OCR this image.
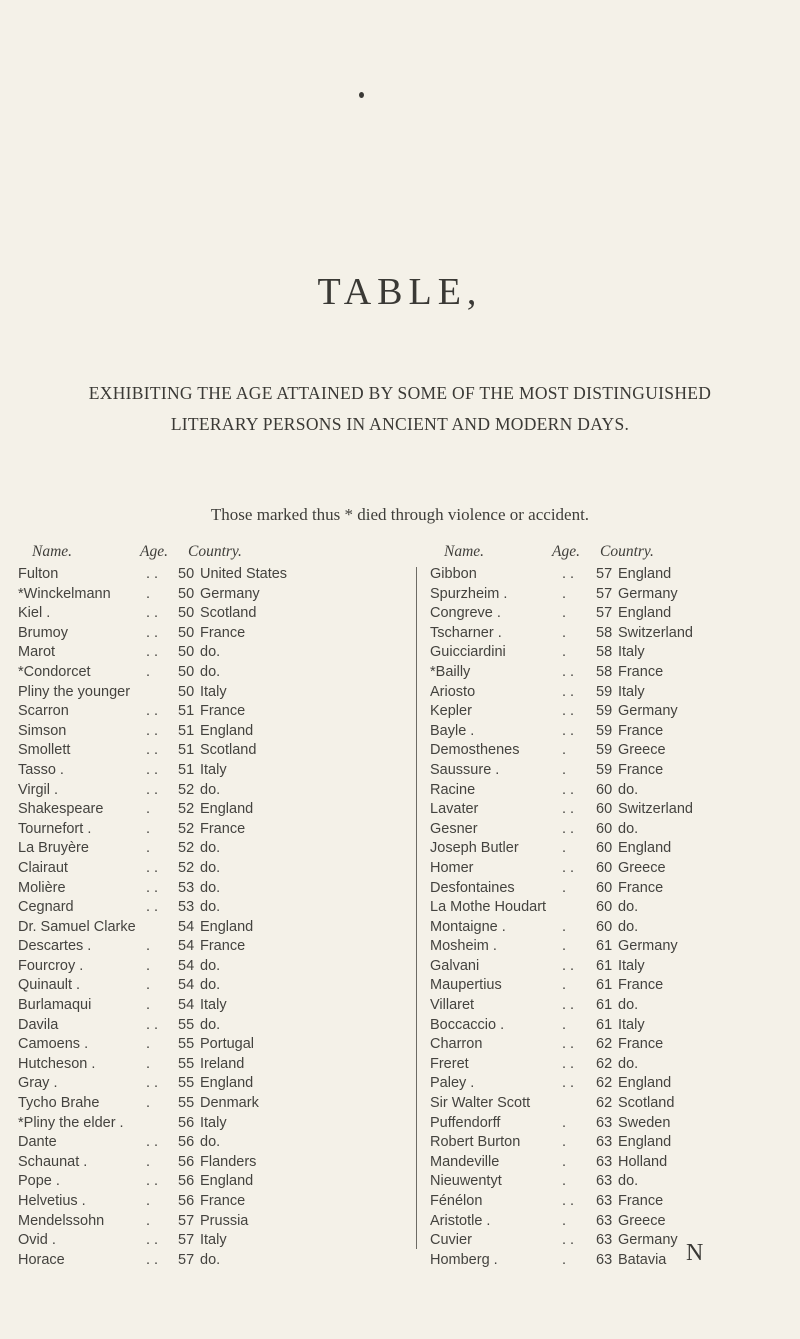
TABLE,
EXHIBITING THE AGE ATTAINED BY SOME OF THE MOST DISTINGUISHED LITERARY PERSONS IN ANCIENT AND MODERN DAYS.
Those marked thus * died through violence or accident.
Name.	Age. Country.
Fulton	. . 50 United States
*Winckelmann . 50 Germany
Kiel .	. . 50 Scotland
Brumoy	. . 50 France
Marot	. . 50 do.
*Condorcet	. 50 do.
Pliny the younger	50 Italy
Scarron	. . 51 France
Simson	. . 51 England
Smollett	. . 51 Scotland
Tasso .	. . 51 Italy
Virgil .	. . 52 do.
Shakespeare	. 52 England
Tournefort .	. 52 France
La Bruyère	. 52 do.
Clairaut	. . 52 do.
Molière	. . 53 do.
Cegnard	. . 53 do.
Dr. Samuel Clarke	54 England
Descartes .	. 54 France
Fourcroy .	. 54 do.
Quinault .	. 54 do.
Burlamaqui	. 54 Italy
Davila	. . 55 do.
Camoens .	. 55 Portugal
Hutcheson .	. 55 Ireland
Gray .	. . 55 England
Tycho Brahe	. 55 Denmark
*Pliny the elder .	56 Italy
Dante	. . 56 do.
Schaunat .	. 56 Flanders
Pope .	. . 56 England
Helvetius .	. 56 France
Mendelssohn	. 57 Prussia
Ovid .	. . 57 Italy
Horace	. . 57 do.
Name.	Age. Country.
Gibbon	. . 57 England
Spurzheim .	. 57 Germany
Congreve .	. 57 England
Tscharner .	. 58 Switzerland
Guicciardini	. 58 Italy
*Bailly	. . 58 France
Ariosto	. . 59 Italy
Kepler	. . 59 Germany
Bayle .	. . 59 France
Demosthenes	. 59 Greece
Saussure .	. 59 France
Racine	. . 60 do.
Lavater	. . 60 Switzerland
Gesner	. . 60 do.
Joseph Butler	. 60 England
Homer	. . 60 Greece
Desfontaines	. 60 France
La Mothe Houdart	60 do.
Montaigne .	. 60 do.
Mosheim .	. 61 Germany
Galvani	. . 61 Italy
Maupertius	. 61 France
Villaret	. . 61 do.
Boccaccio .	. 61 Italy
Charron	. . 62 France
Freret	. . 62 do.
Paley .	. . 62 England
Sir Walter Scott	62 Scotland
Puffendorff	. 63 Sweden
Robert Burton	. 63 England
Mandeville	. 63 Holland
Nieuwentyt	. 63 do.
Fénélon	. . 63 France
Aristotle .	. 63 Greece
Cuvier	. . 63 Germany
Homberg .	. 63 Batavia N
